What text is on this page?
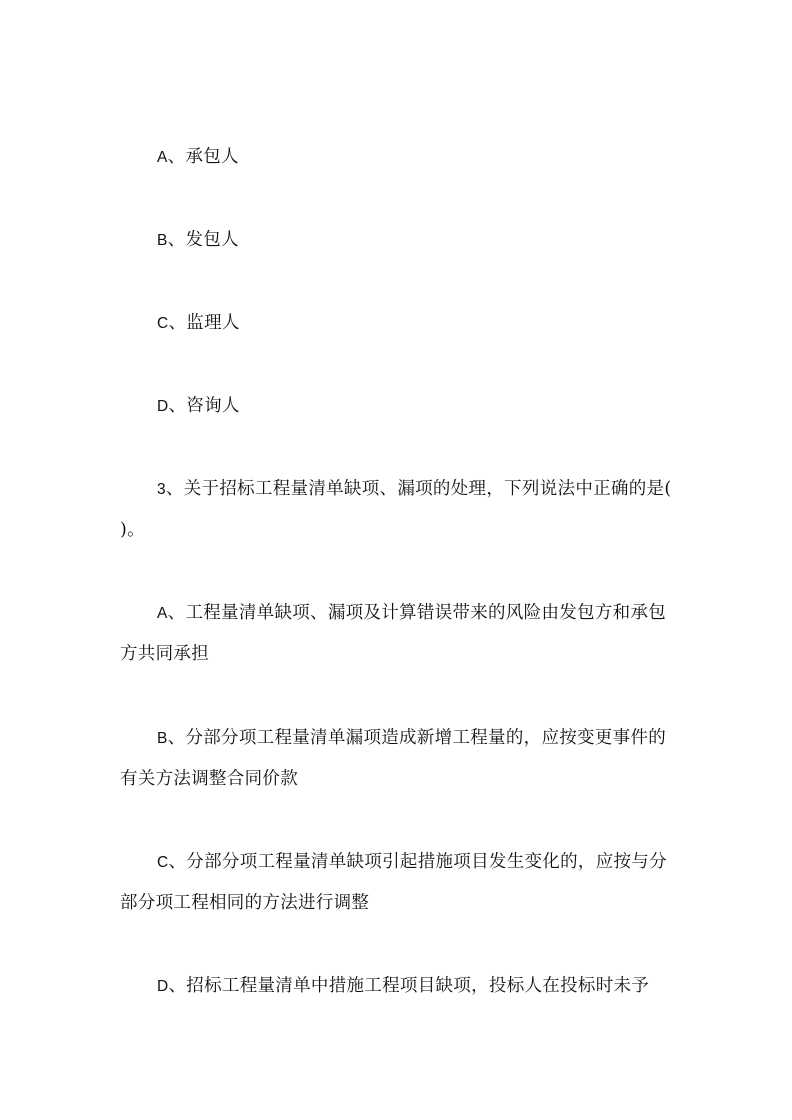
A、承包人

B、发包人

C、监理人

D、咨询人

3、关于招标工程量清单缺项、漏项的处理，下列说法中正确的是( )。

A、工程量清单缺项、漏项及计算错误带来的风险由发包方和承包方共同承担

B、分部分项工程量清单漏项造成新增工程量的，应按变更事件的有关方法调整合同价款

C、分部分项工程量清单缺项引起措施项目发生变化的，应按与分部分项工程相同的方法进行调整

D、招标工程量清单中措施工程项目缺项，投标人在投标时未予
